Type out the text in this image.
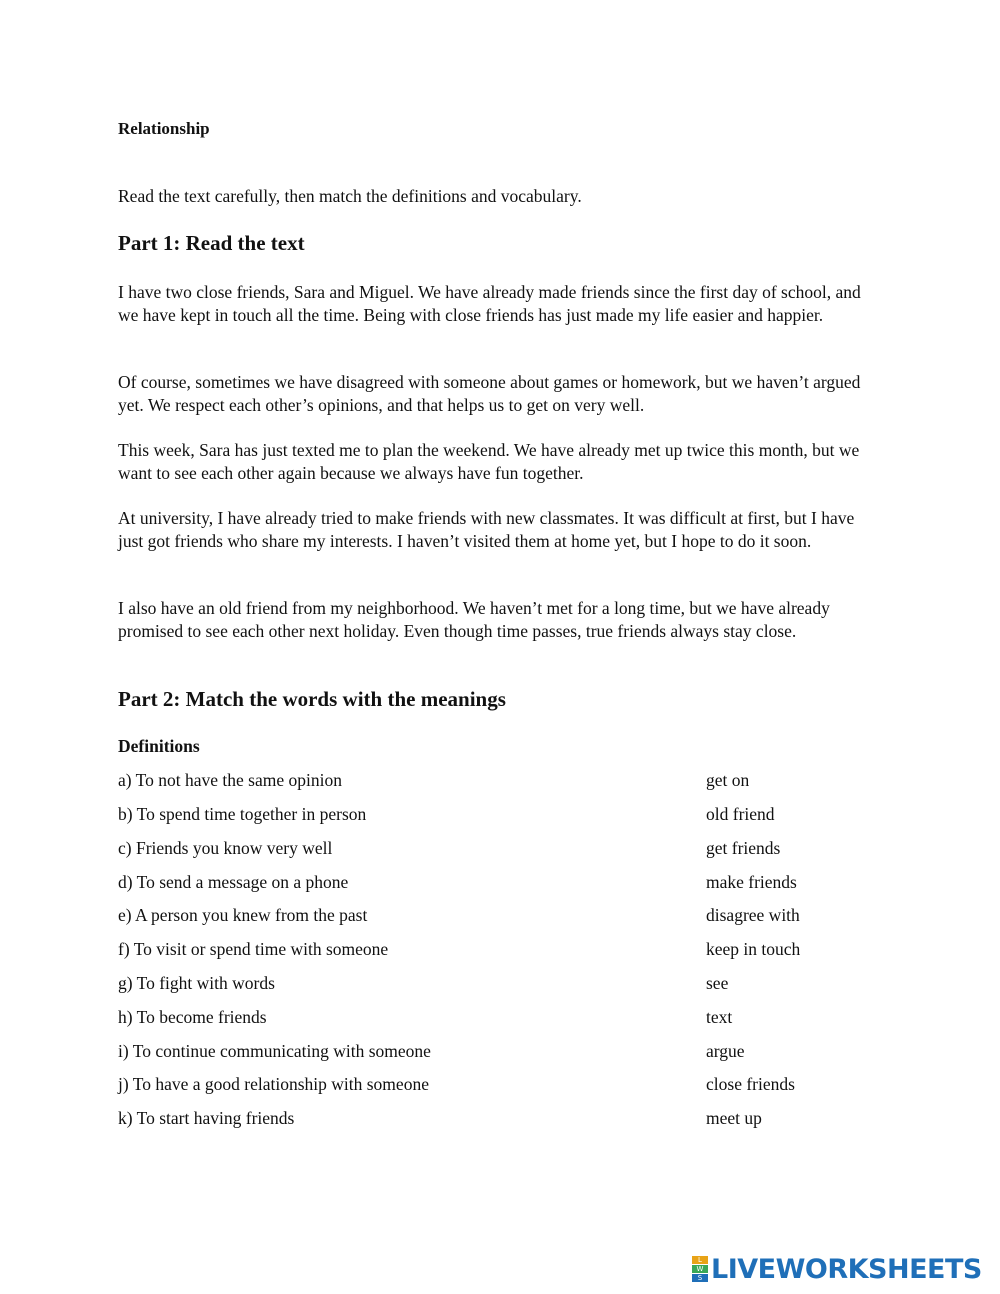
Relationship

Read the text carefully, then match the definitions and vocabulary.

Part 1: Read the text

I have two close friends, Sara and Miguel. We have already made friends since the first day of school, and we have kept in touch all the time. Being with close friends has just made my life easier and happier.

Of course, sometimes we have disagreed with someone about games or homework, but we haven’t argued yet. We respect each other’s opinions, and that helps us to get on very well.

This week, Sara has just texted me to plan the weekend. We have already met up twice this month, but we want to see each other again because we always have fun together.

At university, I have already tried to make friends with new classmates. It was difficult at first, but I have just got friends who share my interests. I haven’t visited them at home yet, but I hope to do it soon.

I also have an old friend from my neighborhood. We haven’t met for a long time, but we have already promised to see each other next holiday. Even though time passes, true friends always stay close.

Part 2: Match the words with the meanings

Definitions

a) To not have the same opinion	get on
b) To spend time together in person	old friend
c) Friends you know very well	get friends
d) To send a message on a phone	make friends
e) A person you knew from the past	disagree with
f) To visit or spend time with someone	keep in touch
g) To fight with words	see
h) To become friends	text
i) To continue communicating with someone	argue
j) To have a good relationship with someone	close friends
k) To start having friends	meet up
L
W
S LIVEWORKSHEETS
